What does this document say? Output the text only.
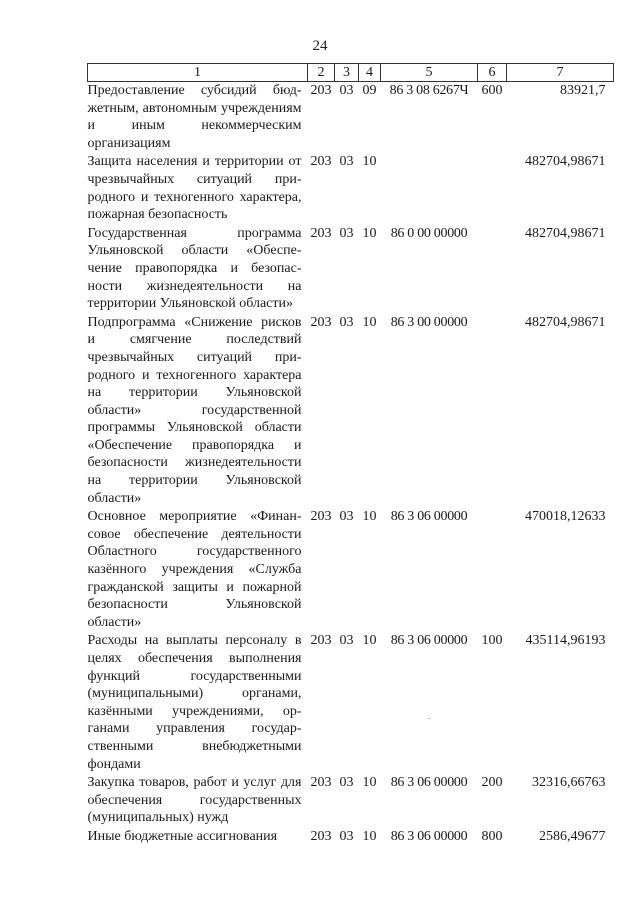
24
1	2	3	4	5	6	7
Предоставление субсидий бюджетным, автономным учреждениям и иным некоммерческим организациям	203	03	09	86 3 08 6267Ч	600	83921,7
Защита населения и территории от чрезвычайных ситуаций природного и техногенного характера, пожарная безопасность	203	03	10			482704,98671
Государственная программа Ульяновской области «Обеспечение правопорядка и безопасности жизнедеятельности на территории Ульяновской области»	203	03	10	86 0 00 00000		482704,98671
Подпрограмма «Снижение рисков и смягчение последствий чрезвычайных ситуаций природного и техногенного характера на территории Ульяновской области» государственной программы Ульяновской области «Обеспечение правопорядка и безопасности жизнедеятельности на территории Ульяновской области»	203	03	10	86 3 00 00000		482704,98671
Основное мероприятие «Финансовое обеспечение деятельности Областного государственного казённого учреждения «Служба гражданской защиты и пожарной безопасности Ульяновской области»	203	03	10	86 3 06 00000		470018,12633
Расходы на выплаты персоналу в целях обеспечения выполнения функций государственными (муниципальными) органами, казёнными учреждениями, органами управления государственными внебюджетными фондами	203	03	10	86 3 06 00000	100	435114,96193
Закупка товаров, работ и услуг для обеспечения государственных (муниципальных) нужд	203	03	10	86 3 06 00000	200	32316,66763
Иные бюджетные ассигнования	203	03	10	86 3 06 00000	800	2586,49677
